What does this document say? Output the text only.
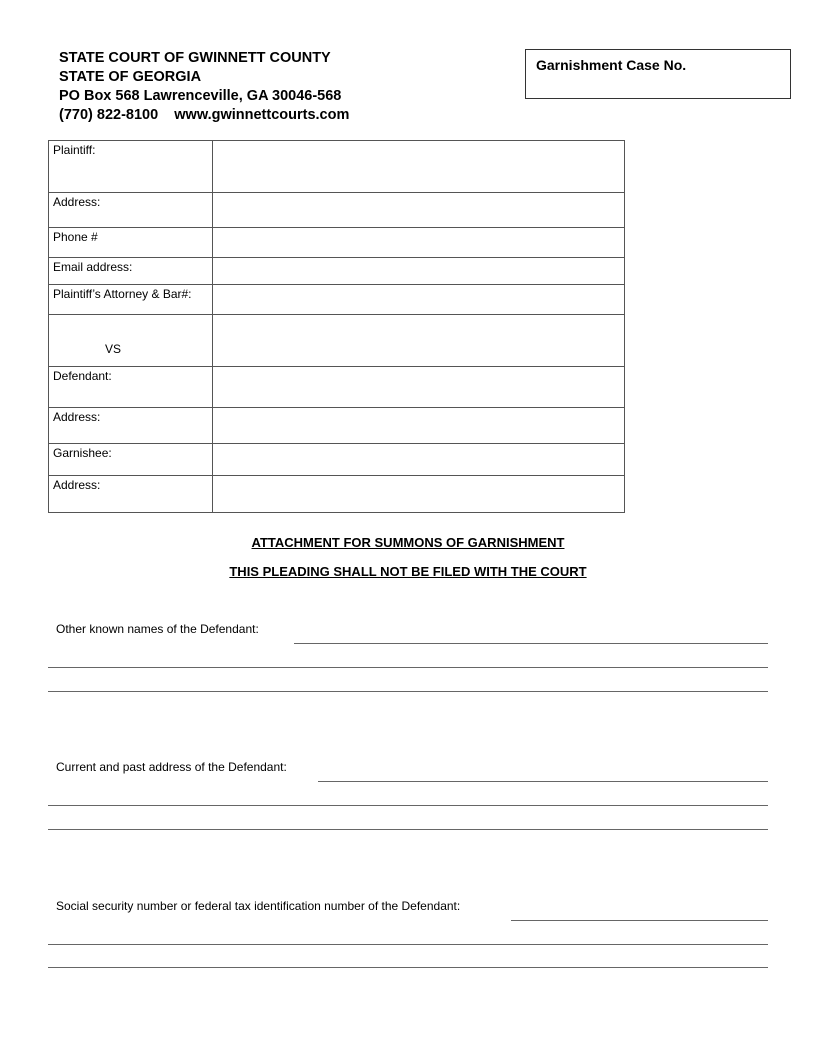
STATE COURT OF GWINNETT COUNTY
STATE OF GEORGIA
PO Box 568 Lawrenceville, GA 30046-568
(770) 822-8100    www.gwinnettcourts.com
Garnishment Case No.
Plaintiff:	
Address:	
Phone #	
Email address:	
Plaintiff’s Attorney & Bar#:	
VS	
Defendant:	
Address:	
Garnishee:	
Address:	
ATTACHMENT FOR SUMMONS OF GARNISHMENT
THIS PLEADING SHALL NOT BE FILED WITH THE COURT
Other known names of the Defendant:
Current and past address of the Defendant:
Social security number or federal tax identification number of the Defendant:
